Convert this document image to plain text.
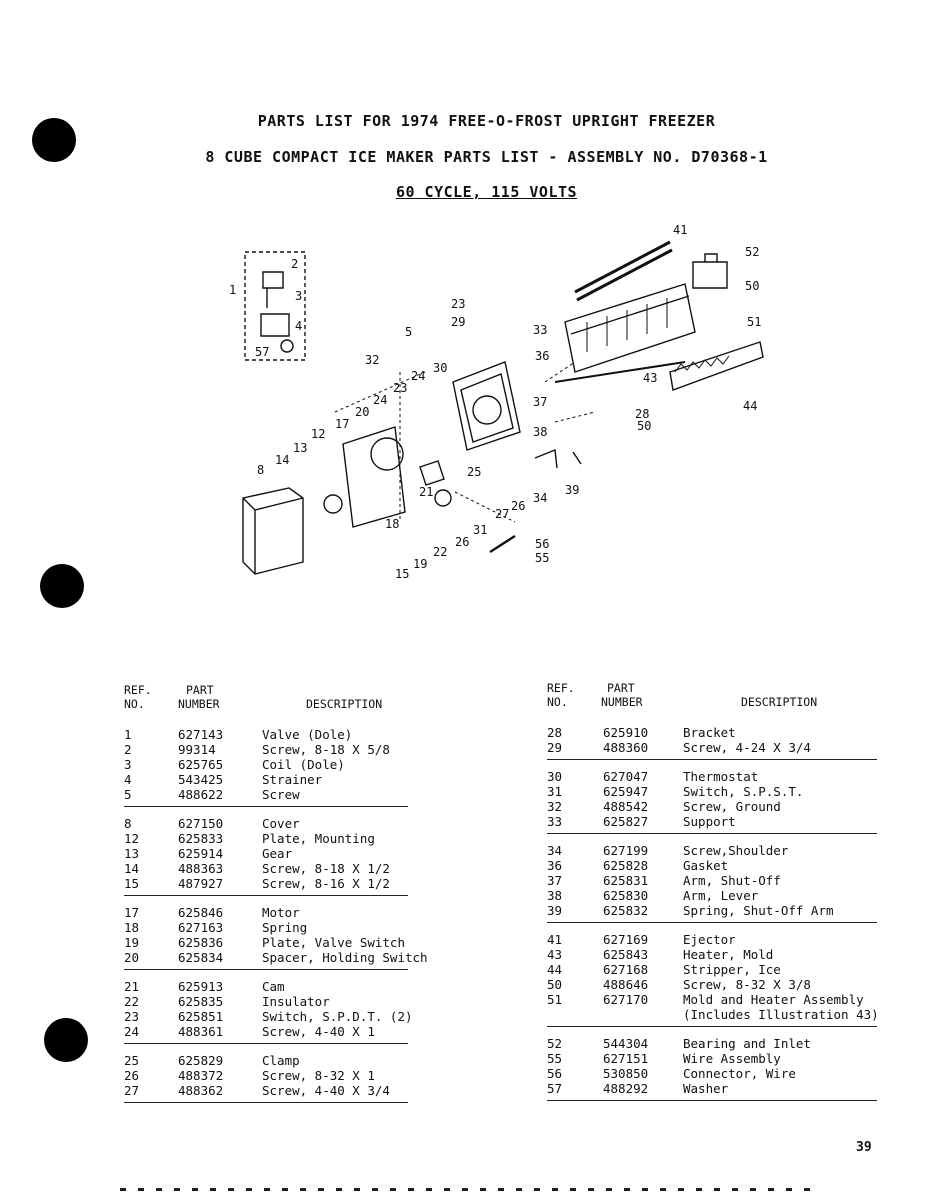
PARTS LIST FOR 1974 FREE-O-FROST UPRIGHT FREEZER
8 CUBE COMPACT ICE MAKER PARTS LIST - ASSEMBLY NO. D70368-1
60 CYCLE, 115 VOLTS
1
2
3
4
57
41
52
50
51
23
29
5	33
32
30
36
24
23
24
20
17
37
12
13
14
8
38
28
50
43
44
25
21	34
39
26
27
18	31
22
26
19
15
56
55
REF.
NO.
PART
NUMBER	DESCRIPTION
1	627143	Valve (Dole)
2	99314	Screw, 8-18 X 5/8
3	625765	Coil (Dole)
4	543425	Strainer
5	488622	Screw
8	627150	Cover
12	625833	Plate, Mounting
13	625914	Gear
14	488363	Screw, 8-18 X 1/2
15	487927	Screw, 8-16 X 1/2
17	625846	Motor
18	627163	Spring
19	625836	Plate, Valve Switch
20	625834	Spacer, Holding Switch
21	625913	Cam
22	625835	Insulator
23	625851	Switch, S.P.D.T. (2)
24	488361	Screw, 4-40 X 1
25	625829	Clamp
26	488372	Screw, 8-32 X 1
27	488362	Screw, 4-40 X 3/4
REF.
NO.
PART
NUMBER	DESCRIPTION
28	625910	Bracket
29	488360	Screw, 4-24 X 3/4
30	627047	Thermostat
31	625947	Switch, S.P.S.T.
32	488542	Screw, Ground
33	625827	Support
34	627199	Screw,Shoulder
36	625828	Gasket
37	625831	Arm, Shut-Off
38	625830	Arm, Lever
39	625832	Spring, Shut-Off Arm
41	627169	Ejector
43	625843	Heater, Mold
44	627168	Stripper, Ice
50	488646	Screw, 8-32 X 3/8
51	627170	Mold and Heater Assembly
(Includes Illustration 43)
52	544304	Bearing and Inlet
55	627151	Wire Assembly
56	530850	Connector, Wire
57	488292	Washer
39
